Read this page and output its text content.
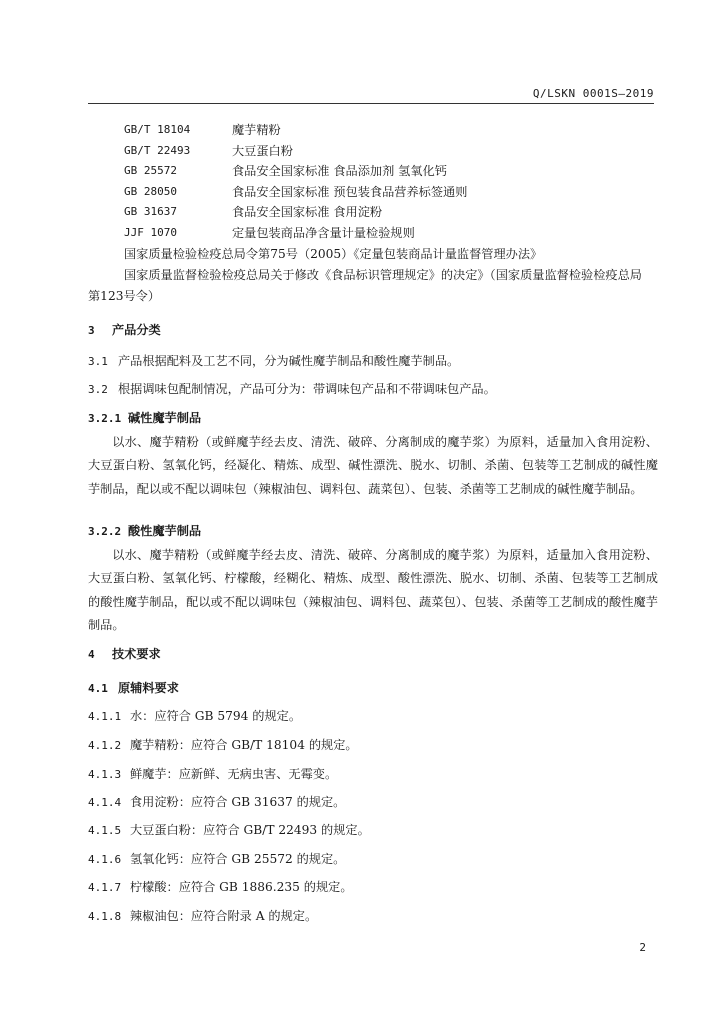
Q/LSKN 0001S—2019
GB/T 18104	魔芋精粉
GB/T 22493	大豆蛋白粉
GB 25572	食品安全国家标准 食品添加剂 氢氧化钙
GB 28050	食品安全国家标准 预包装食品营养标签通则
GB 31637	食品安全国家标准 食用淀粉
JJF 1070	定量包装商品净含量计量检验规则
国家质量检验检疫总局令第75号（2005）《定量包装商品计量监督管理办法》
国家质量监督检验检疫总局关于修改《食品标识管理规定》的决定》（国家质量监督检验检疫总局
第123号令）
3 产品分类
3.1 产品根据配料及工艺不同，分为碱性魔芋制品和酸性魔芋制品。
3.2 根据调味包配制情况，产品可分为：带调味包产品和不带调味包产品。
3.2.1 碱性魔芋制品
以水、魔芋精粉（或鲜魔芋经去皮、清洗、破碎、分离制成的魔芋浆）为原料，适量加入食用淀粉、大豆蛋白粉、氢氧化钙，经凝化、精炼、成型、碱性漂洗、脱水、切制、杀菌、包装等工艺制成的碱性魔芋制品，配以或不配以调味包（辣椒油包、调料包、蔬菜包）、包装、杀菌等工艺制成的碱性魔芋制品。
3.2.2 酸性魔芋制品
以水、魔芋精粉（或鲜魔芋经去皮、清洗、破碎、分离制成的魔芋浆）为原料，适量加入食用淀粉、大豆蛋白粉、氢氧化钙、柠檬酸，经糊化、精炼、成型、酸性漂洗、脱水、切制、杀菌、包装等工艺制成的酸性魔芋制品，配以或不配以调味包（辣椒油包、调料包、蔬菜包）、包装、杀菌等工艺制成的酸性魔芋制品。
4 技术要求
4.1 原辅料要求
4.1.1 水：应符合 GB 5794 的规定。
4.1.2 魔芋精粉：应符合 GB/T 18104 的规定。
4.1.3 鲜魔芋：应新鲜、无病虫害、无霉变。
4.1.4 食用淀粉：应符合 GB 31637 的规定。
4.1.5 大豆蛋白粉：应符合 GB/T 22493 的规定。
4.1.6 氢氧化钙：应符合 GB 25572 的规定。
4.1.7 柠檬酸：应符合 GB 1886.235 的规定。
4.1.8 辣椒油包：应符合附录 A 的规定。
2
